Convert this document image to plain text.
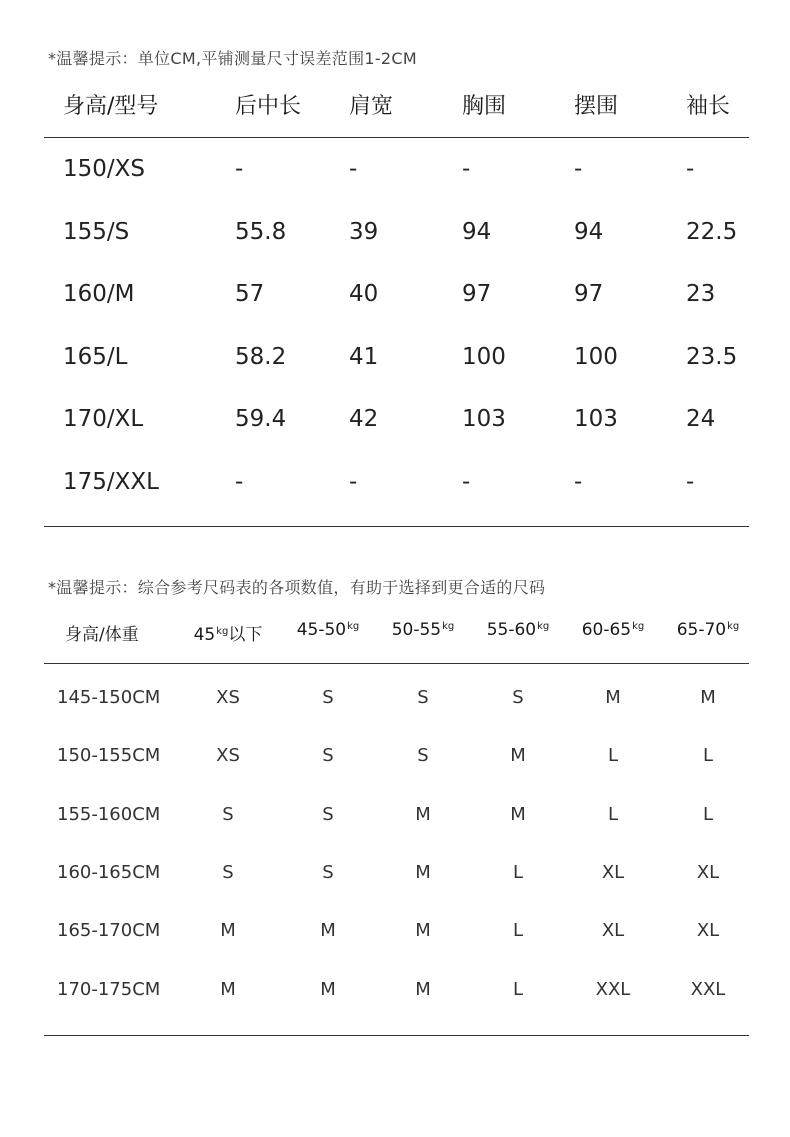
*温馨提示：单位CM,平铺测量尺寸误差范围1-2CM
身高/型号	后中长 肩宽	胸围	摆围	袖长
150/XS	-	-	-	-	-
155/S	55.8	39	94	94	22.5
160/M	57	40	97	97	23
165/L	58.2	41	100	100	23.5
170/XL	59.4	42	103	103	24
175/XXL	-	-	-	-	-
*温馨提示：综合参考尺码表的各项数值，有助于选择到更合适的尺码
身高/体重	$45^{kg}$以下 $45-50^{kg}$ $50-55^{kg}$ $55-60^{kg}$ $60-65^{kg}$ $65-70^{kg}$
145-150CM	XS	S	S	S	M	M
150-155CM	XS	S	S	M	L	L
155-160CM	S	S	M	M	L	L
160-165CM	S	S	M	L	XL	XL
165-170CM	M	M	M	L	XL	XL
170-175CM	M	M	M	L	XXL	XXL
